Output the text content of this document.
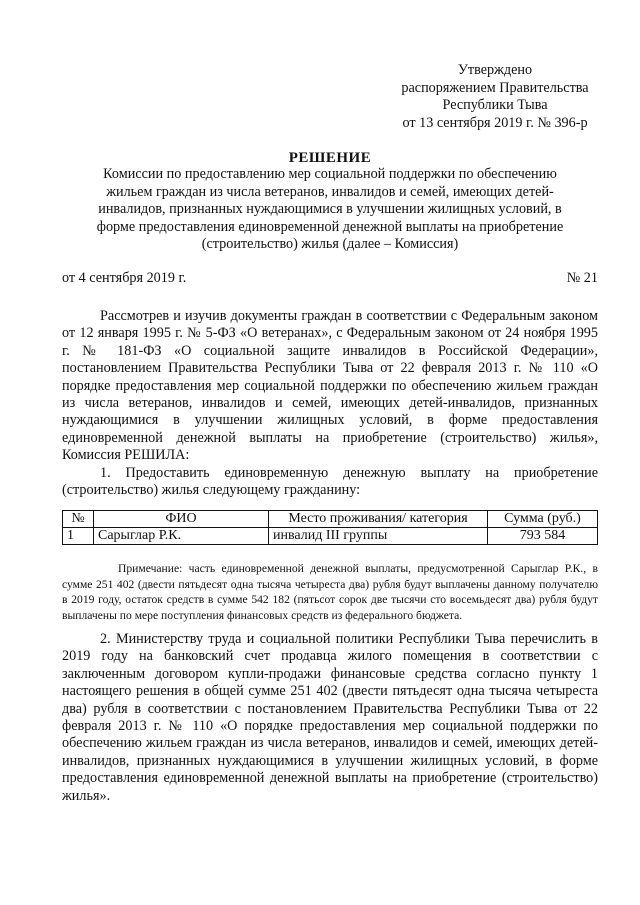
Утверждено
распоряжением Правительства
Республики Тыва
от 13 сентября 2019 г. № 396-р
РЕШЕНИЕ
Комиссии по предоставлению мер социальной поддержки по обеспечению жильем граждан из числа ветеранов, инвалидов и семей, имеющих детей-инвалидов, признанных нуждающимися в улучшении жилищных условий, в форме предоставления единовременной денежной выплаты на приобретение (строительство) жилья (далее – Комиссия)
от 4 сентября 2019 г.	№ 21

Рассмотрев и изучив документы граждан в соответствии с Федеральным законом от 12 января 1995 г. № 5-ФЗ «О ветеранах», с Федеральным законом от 24 ноября 1995 г. № 181-ФЗ «О социальной защите инвалидов в Российской Федерации», постановлением Правительства Республики Тыва от 22 февраля 2013 г. № 110 «О порядке предоставления мер социальной поддержки по обеспечению жильем граждан из числа ветеранов, инвалидов и семей, имеющих детей-инвалидов, признанных нуждающимися в улучшении жилищных условий, в форме предоставления единовременной денежной выплаты на приобретение (строительство) жилья», Комиссия РЕШИЛА:

1. Предоставить единовременную денежную выплату на приобретение (строительство) жилья следующему гражданину:

№	ФИО	Место проживания/ категория	Сумма (руб.)
1	Сарыглар Р.К.	инвалид III группы	793 584
Примечание: часть единовременной денежной выплаты, предусмотренной Сарыглар Р.К., в сумме 251 402 (двести пятьдесят одна тысяча четыреста два) рубля будут выплачены данному получателю в 2019 году, остаток средств в сумме 542 182 (пятьсот сорок две тысячи сто восемьдесят два) рубля будут выплачены по мере поступления финансовых средств из федерального бюджета.

2. Министерству труда и социальной политики Республики Тыва перечислить в 2019 году на банковский счет продавца жилого помещения в соответствии с заключенным договором купли-продажи финансовые средства согласно пункту 1 настоящего решения в общей сумме 251 402 (двести пятьдесят одна тысяча четыреста два) рубля в соответствии с постановлением Правительства Республики Тыва от 22 февраля 2013 г. № 110 «О порядке предоставления мер социальной поддержки по обеспечению жильем граждан из числа ветеранов, инвалидов и семей, имеющих детей-инвалидов, признанных нуждающимися в улучшении жилищных условий, в форме предоставления единовременной денежной выплаты на приобретение (строительство) жилья».
